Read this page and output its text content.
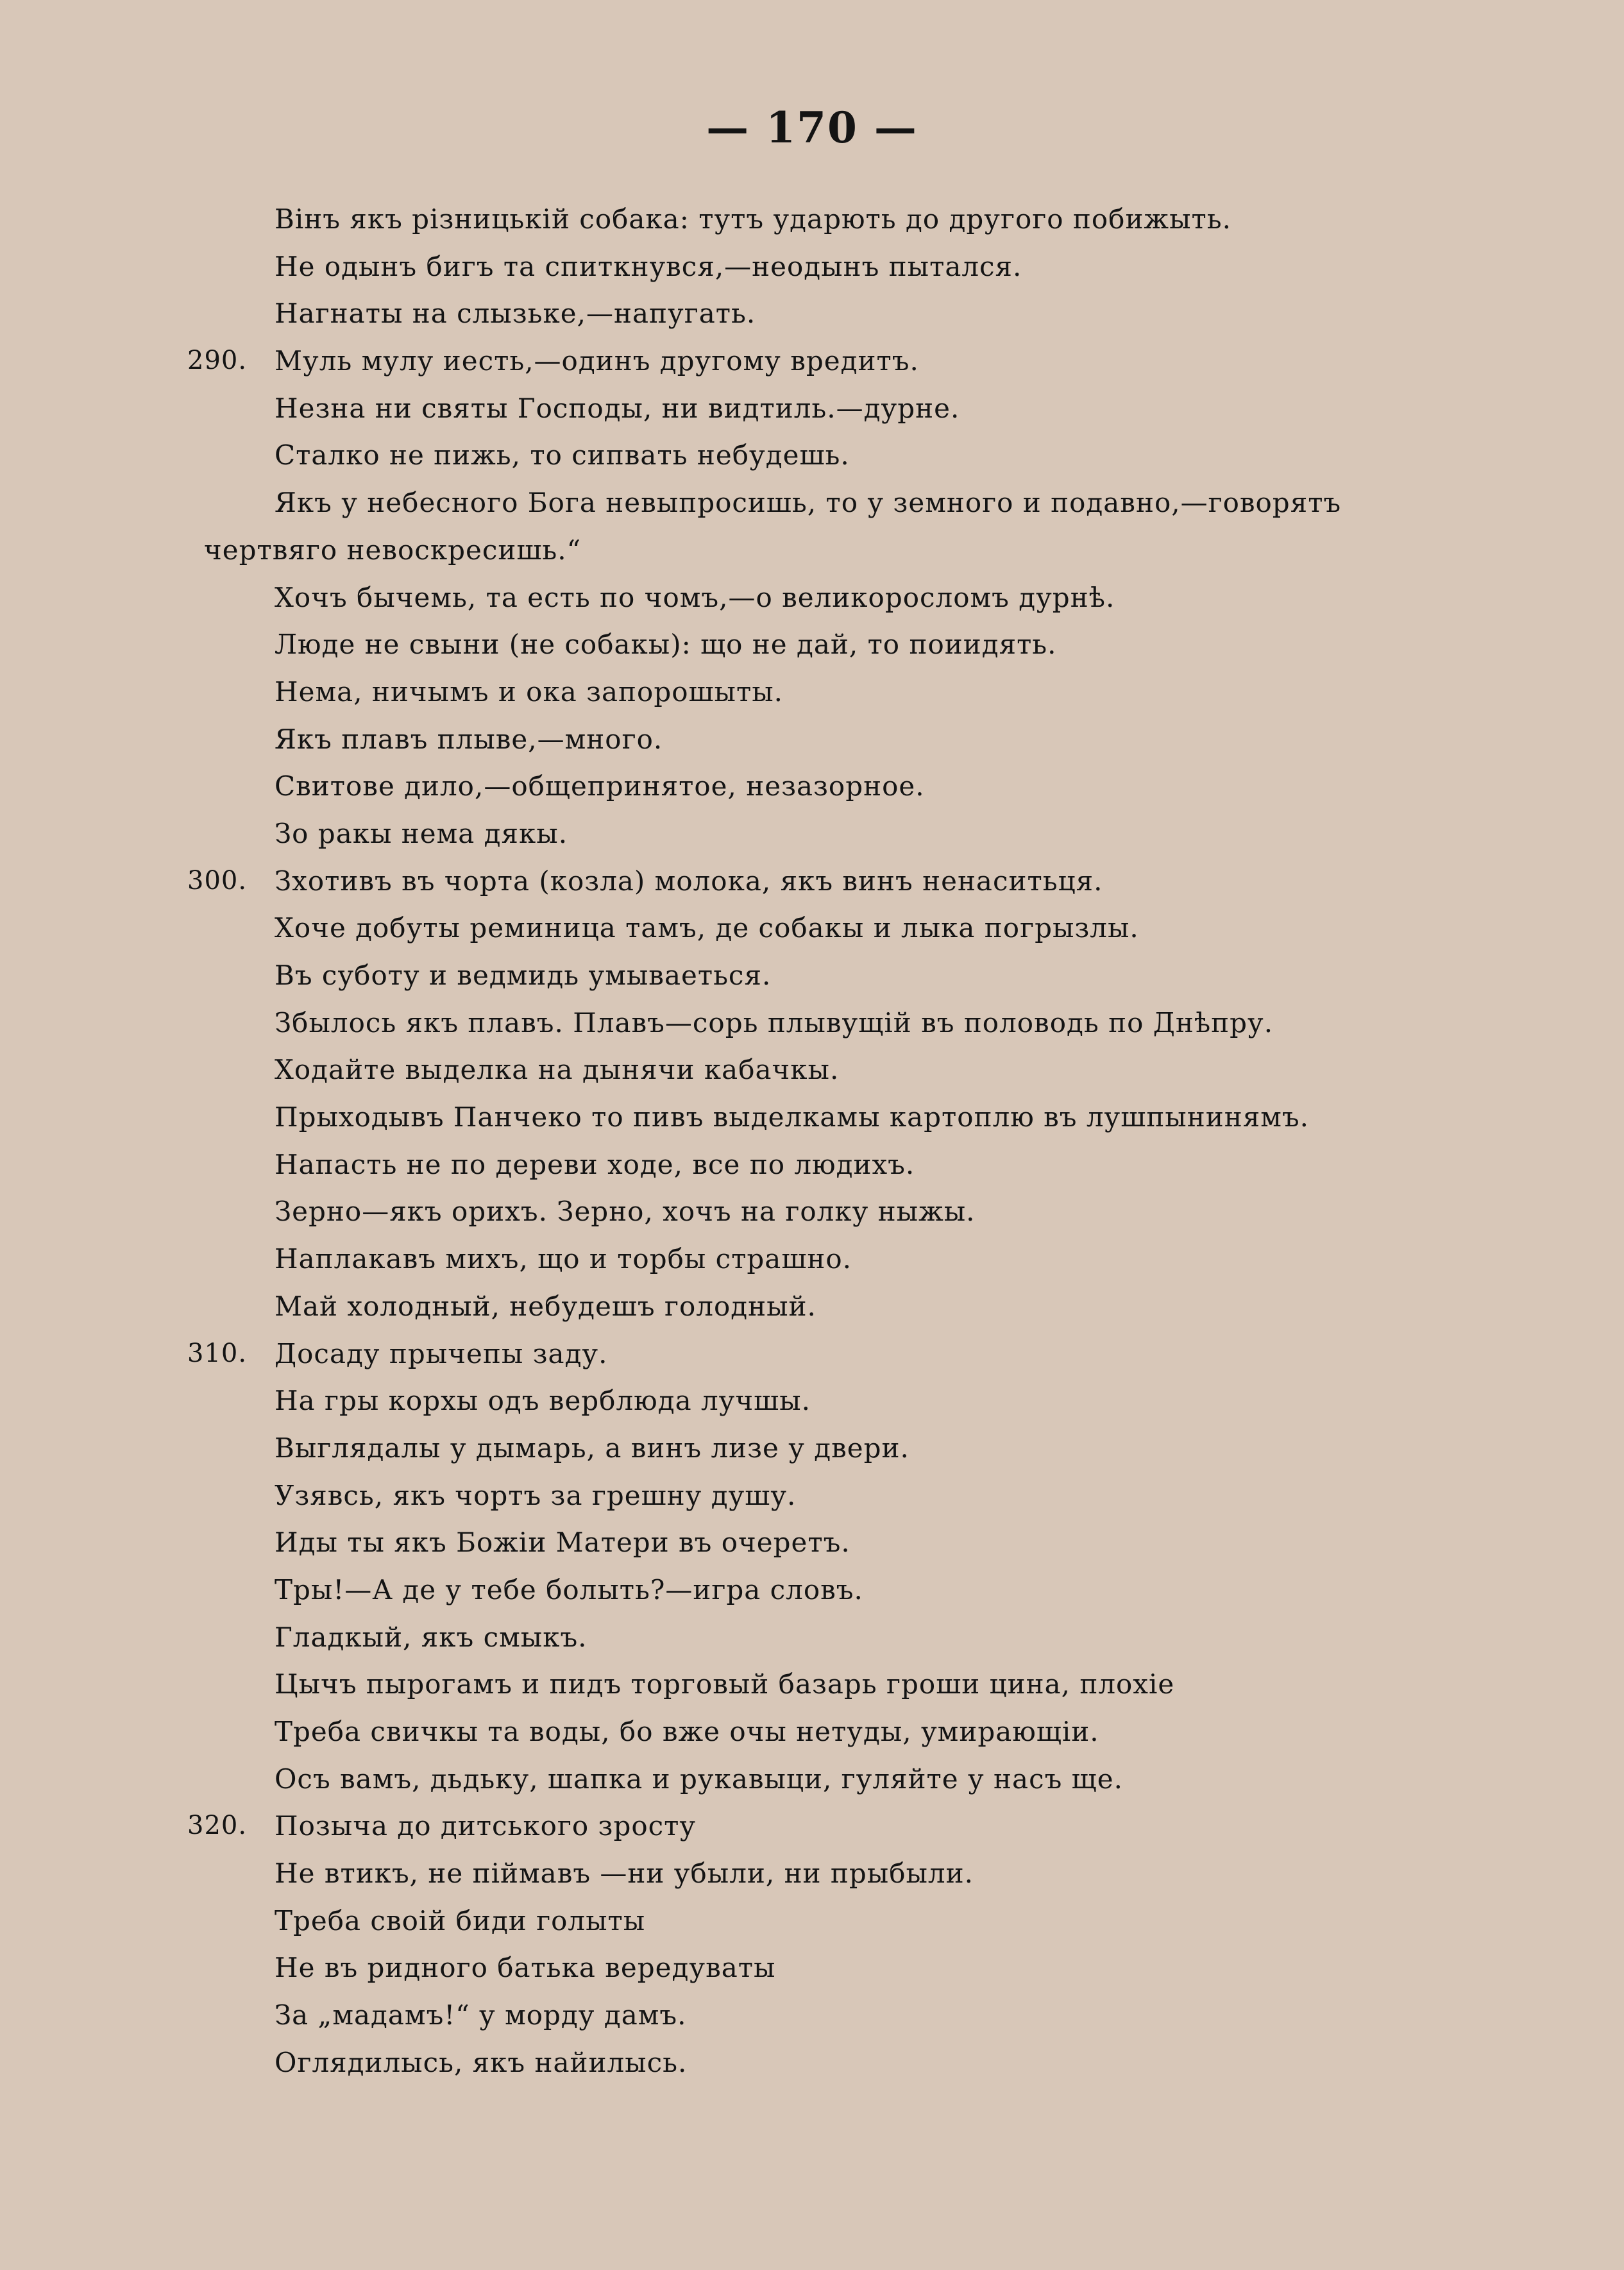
— 170 —
Вiнъ якъ рiзницькiй собака: тутъ ударють до другого побижыть.
Не одынъ бигъ та спиткнувся,—неодынъ пытался.
Нагнаты на слызьке,—напугать.
290. Муль мулу иесть,—одинъ другому вредитъ.
Незна ни святы Господы, ни видтиль.—дурне.
Сталко не пижь, то сипвать небудешь.
Якъ у небесного Бога невыпросишь, то у земного и подавно,—говорятъ
чертвяго невоскресишь.“
Хочъ бычемь, та есть по чомъ,—о великоросломъ дурнѣ.
Люде не свыни (не собакы): що не дай, то поиидять.
Нема, ничымъ и ока запорошыты.
Якъ плавъ плыве,—много.
Свитове дило,—общепринятое, незазорное.
Зо ракы нема дякы.
300. Зхотивъ въ чорта (козла) молока, якъ винъ ненаситьця.
Хоче добуты реминица тамъ, де собакы и лыка погрызлы.
Въ суботу и ведмидь умываеться.
Збылось якъ плавъ. Плавъ—сорь плывущiй въ половодь по Днѣпру.
Ходайте выделка на дынячи кабачкы.
Прыходывъ Панчеко то пивъ выделкамы картоплю въ лушпынинямъ.
Напасть не по дереви ходе, все по людихъ.
Зерно—якъ орихъ. Зерно, хочъ на голку ныжы.
Наплакавъ михъ, що и торбы страшно.
Май холодный, небудешъ голодный.
310. Досаду прычепы заду.
На гры корхы одъ верблюда лучшы.
Выглядалы у дымарь, а винъ лизе у двери.
Узявсь, якъ чортъ за грешну душу.
Иды ты якъ Божiи Матери въ очеретъ.
Тры!—А де у тебе болыть?—игра словъ.
Гладкый, якъ смыкъ.
Цычъ пырогамъ и пидъ торговый базарь гроши цина, плохiе
Треба свичкы та воды, бо вже очы нетуды, умирающiи.
Осъ вамъ, дьдьку, шапка и рукавыци, гуляйте у насъ ще.
320. Позыча до дитського зросту
Не втикъ, не пiймавъ —ни убыли, ни прыбыли.
Треба своiй биди голыты
Не въ ридного батька вередуваты
За „мадамъ!“ у морду дамъ.
Оглядилысь, якъ найилысь.
